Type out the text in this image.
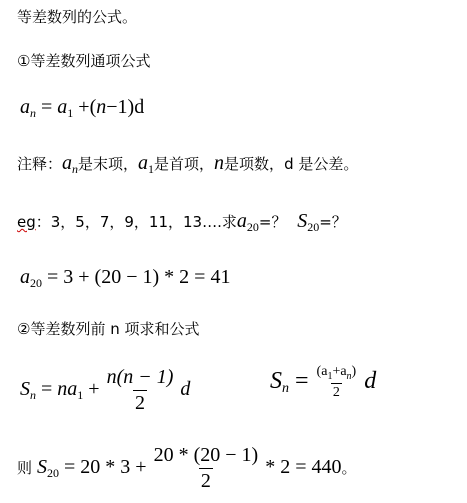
等差数列的公式。
①等差数列通项公式
$a_n = a_1 +(n-1)d$
注释：$a_n$是末项，$a_1$是首项，n是项数，d 是公差。
eg：3，5，7，9，11，13….求$a_{20}=$？ $S_{20}=$？
$a_{20} = 3 + (20 - 1) * 2 = 41$
②等差数列前 n 项求和公式
$S_n = na_1 + \frac{n(n - 1)}{2}$ d	$S_n = \frac{(a_1+a_n)}{2}$ d
则 $S_{20} = 20 * 3 + \frac{20 * (20 - 1)}{2} * 2 = 440$。
